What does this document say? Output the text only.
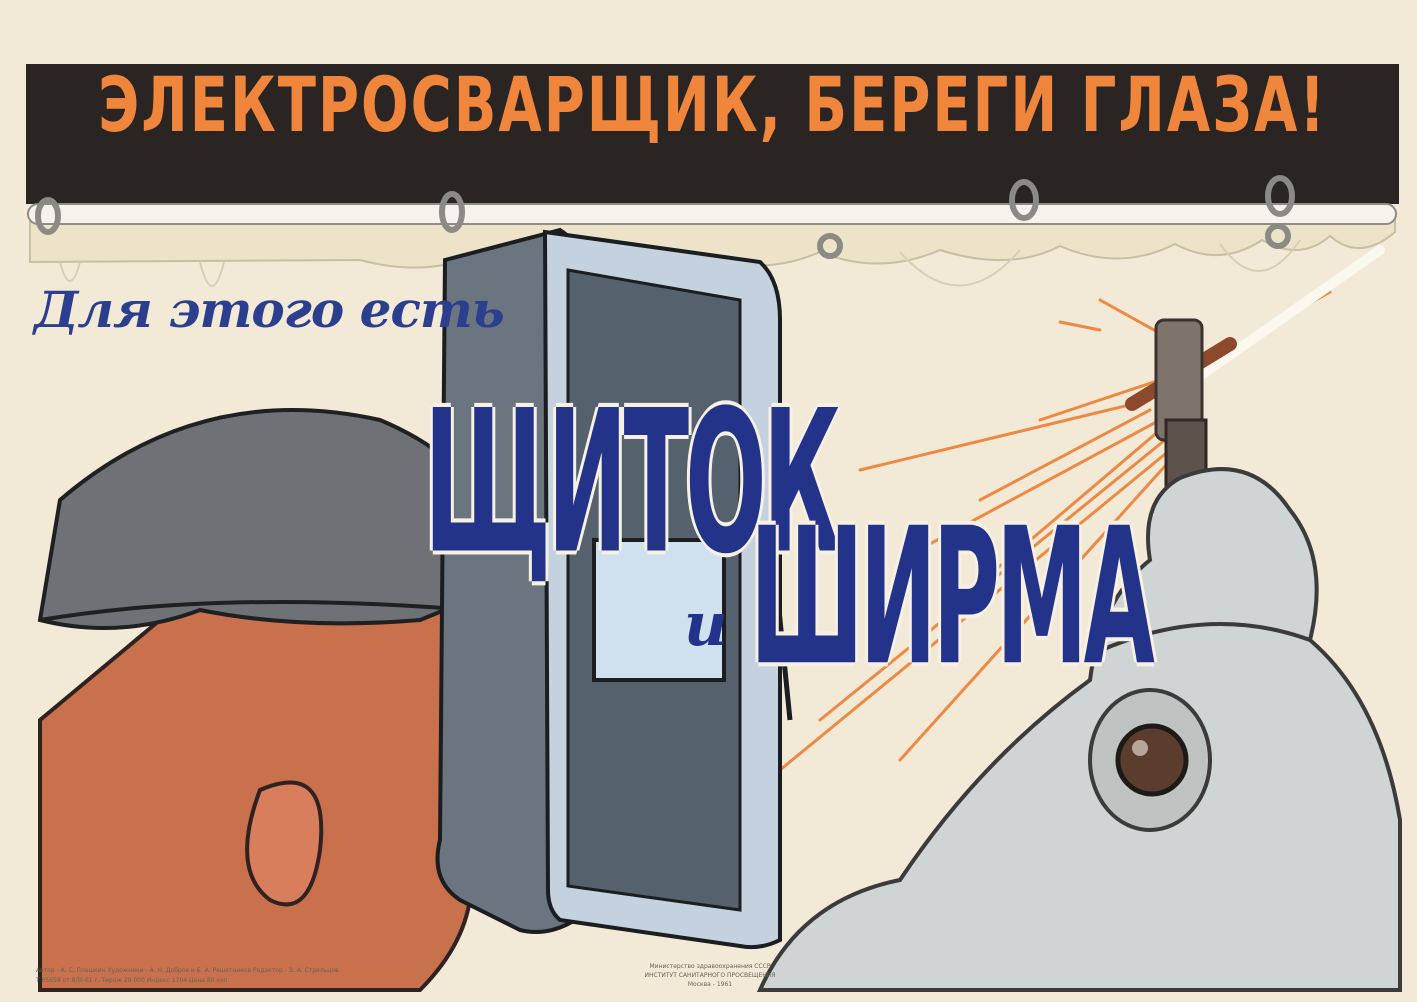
ЭЛЕКТРОСВАРЩИК, БЕРЕГИ ГЛАЗА!
Для этого есть
ЩИТОК
и ШИРМА
Автор - А. С. Плешкин Художники - А. Н. Добров и Б. А. Решетников Редактор - Э. А. Стрельцов
Т 05658 от 8/III-61 г. Тираж 20 000 Индекс 1704 Цена 80 коп.
Министерство здравоохранения СССР
ИНСТИТУТ САНИТАРНОГО ПРОСВЕЩЕНИЯ
Москва - 1961
